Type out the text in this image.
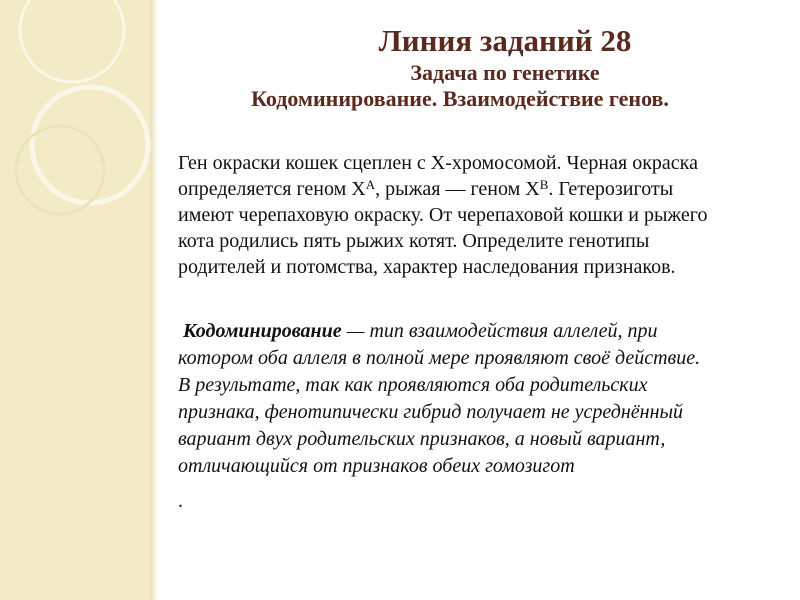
Линия заданий 28
Задача по генетике
Кодоминирование. Взаимодействие генов.
Ген окраски кошек сцеплен с Х-хромосомой. Черная окраска
определяется геном $Х^А$, рыжая — геном $Х^В$. Гетерозиготы
имеют черепаховую окраску. От черепаховой кошки и рыжего
кота родились пять рыжих котят. Определите генотипы
родителей и потомства, характер наследования признаков.
Кодоминирование — тип взаимодействия аллелей, при
котором оба аллеля в полной мере проявляют своё действие.
В результате, так как проявляются оба родительских
признака, фенотипически гибрид получает не усреднённый
вариант двух родительских признаков, а новый вариант,
отличающийся от признаков обеих гомозигот
.
